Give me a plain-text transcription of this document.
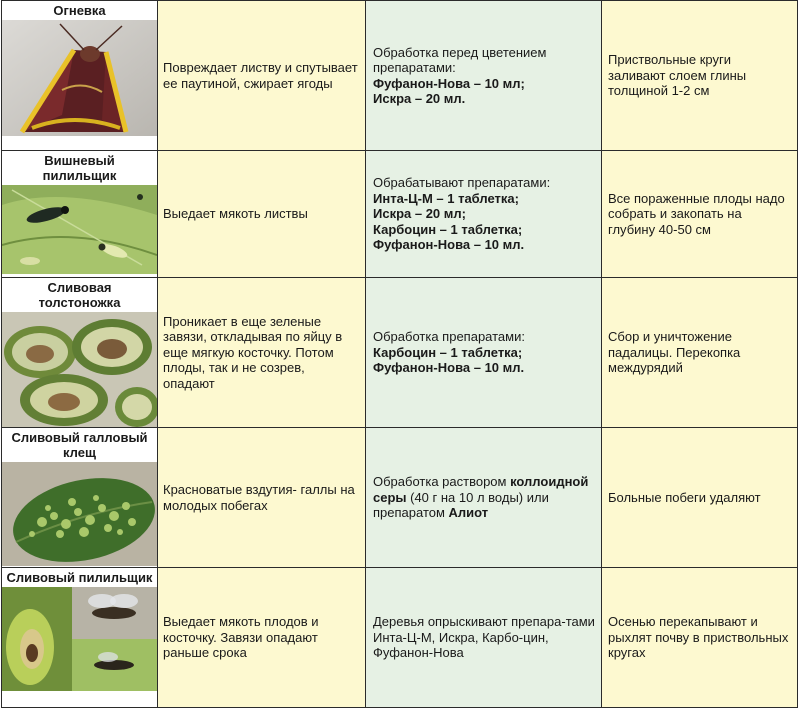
Огневка	Повреждает листву и спутывает ее паутиной, сжирает ягоды	Обработка перед цветением препаратами:
Фуфанон-Нова – 10 мл;
Искра – 20 мл.	Приствольные круги заливают слоем глины толщиной 1-2 см

Вишневый пилильщик	Выедает мякоть листвы	Обрабатывают препаратами:
Инта-Ц-М – 1 таблетка;
Искра – 20 мл;
Карбоцин – 1 таблетка;
Фуфанон-Нова – 10 мл.	Все пораженные плоды надо собрать и закопать на глубину 40-50 см

Сливовая толстоножка	Проникает в еще зеленые завязи, откладывая по яйцу в еще мягкую косточку. Потом плоды, так и не созрев, опадают	Обработка препаратами:
Карбоцин – 1 таблетка;
Фуфанон-Нова – 10 мл.	Сбор и уничтожение падалицы. Перекопка междурядий

Сливовый галловый клещ	Красноватые вздутия- галлы на молодых побегах	Обработка раствором коллоидной серы (40 г на 10 л воды) или препаратом Алиот	Больные побеги удаляют

Сливовый пилильщик	Выедает мякоть плодов и косточку. Завязи опадают раньше срока	Деревья опрыскивают препара-тами Инта-Ц-М, Искра, Карбо-цин, Фуфанон-Нова	Осенью перекапывают и рыхлят почву в приствольных кругах
